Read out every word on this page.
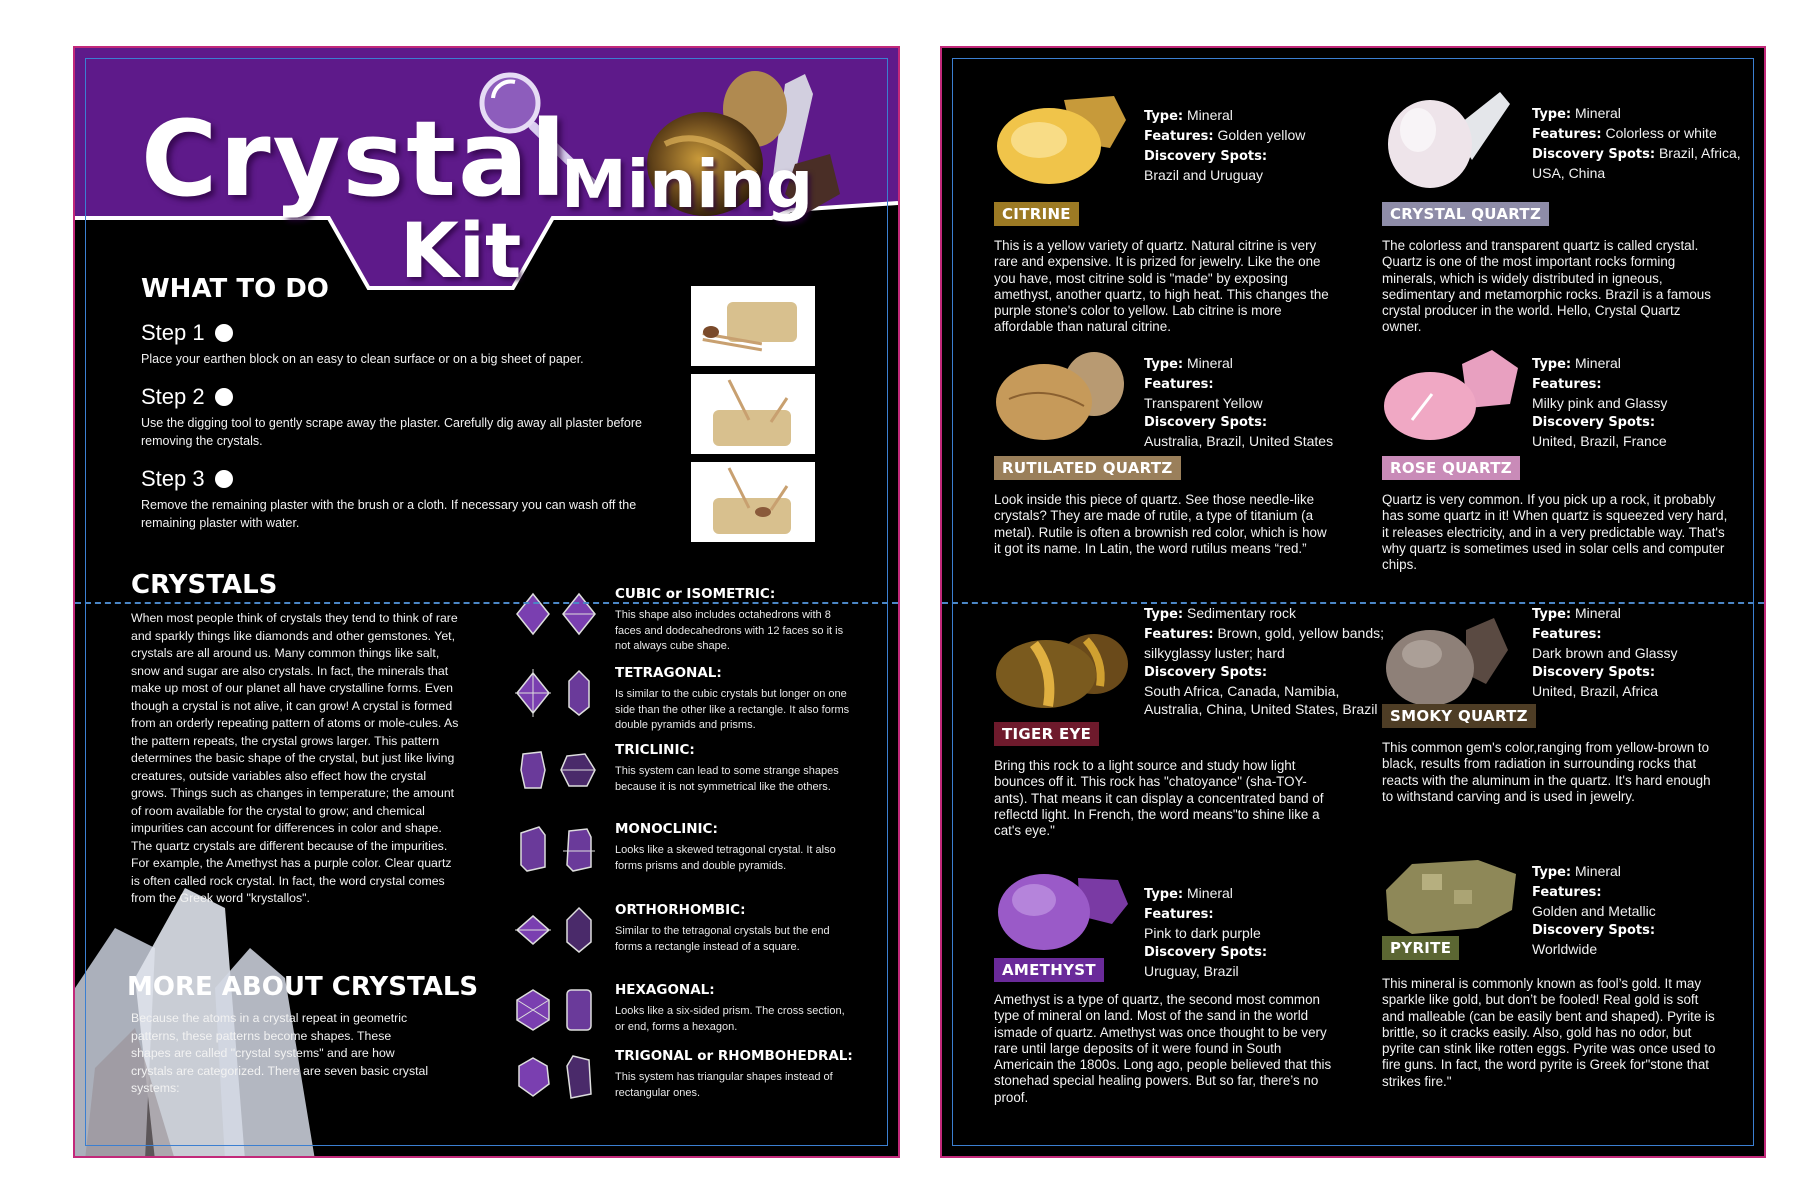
Crystal
Mining
Kit
WHAT TO DO
Step 1
Place your earthen block on an easy to clean surface or on a big sheet of paper.
Step 2
Use the digging tool to gently scrape away the plaster. Carefully dig away all plaster before removing the crystals.
Step 3
Remove the remaining plaster with the brush or a cloth. If necessary you can wash off the remaining plaster with water.
CRYSTALS
When most people think of crystals they tend to think of rare and sparkly things like diamonds and other gemstones. Yet, crystals are all around us. Many common things like salt, snow and sugar are also crystals. In fact, the minerals that make up most of our planet all have crystalline forms. Even though a crystal is not alive, it can grow! A crystal is formed from an orderly repeating pattern of atoms or mole-cules. As the pattern repeats, the crystal grows larger. This pattern determines the basic shape of the crystal, but just like living creatures, outside variables also effect how the crystal grows. Things such as changes in temperature; the amount of room available for the crystal to grow; and chemical impurities can account for differences in color and shape. The quartz crystals are different because of the impurities. For example, the Amethyst has a purple color. Clear quartz is often called rock crystal. In fact, the word crystal comes from the Greek word "krystallos".
MORE ABOUT CRYSTALS
Because the atoms in a crystal repeat in geometric patterns, these patterns become shapes. These shapes are called "crystal systems" and are how crystals are categorized. There are seven basic crystal systems:
CUBIC or ISOMETRIC:
This shape also includes octahedrons with 8 faces and dodecahedrons with 12 faces so it is not always cube shape.
TETRAGONAL:
Is similar to the cubic crystals but longer on one side than the other like a rectangle. It also forms double pyramids and prisms.
TRICLINIC:
This system can lead to some strange shapes because it is not symmetrical like the others.
MONOCLINIC:
Looks like a skewed tetragonal crystal. It also forms prisms and double pyramids.
ORTHORHOMBIC:
Similar to the tetragonal crystals but the end forms a rectangle instead of a square.
HEXAGONAL:
Looks like a six-sided prism. The cross section, or end, forms a hexagon.
TRIGONAL or RHOMBOHEDRAL:
This system has triangular shapes instead of rectangular ones.
Type: Mineral
Features: Golden yellow
Discovery Spots:
Brazil and Uruguay
CITRINE
This is a yellow variety of quartz. Natural citrine is very rare and expensive. It is prized for jewelry. Like the one you have, most citrine sold is "made" by exposing amethyst, another quartz, to high heat. This changes the purple stone's color to yellow. Lab citrine is more affordable than natural citrine.
Type: Mineral
Features: Colorless or white
Discovery Spots: Brazil, Africa, USA, China
CRYSTAL QUARTZ
The colorless and transparent quartz is called crystal. Quartz is one of the most important rocks forming minerals, which is widely distributed in igneous, sedimentary and metamorphic rocks. Brazil is a famous crystal producer in the world. Hello, Crystal Quartz owner.
Type: Mineral
Features:
Transparent Yellow
Discovery Spots:
Australia, Brazil, United States
RUTILATED QUARTZ
Look inside this piece of quartz. See those needle-like crystals? They are made of rutile, a type of titanium (a metal). Rutile is often a brownish red color, which is how it got its name. In Latin, the word rutilus means “red.”
Type: Mineral
Features:
Milky pink and Glassy
Discovery Spots:
United, Brazil, France
ROSE QUARTZ
Quartz is very common. If you pick up a rock, it probably has some quartz in it! When quartz is squeezed very hard, it releases electricity, and in a very predictable way. That's why quartz is sometimes used in solar cells and computer chips.
Type: Sedimentary rock
Features: Brown, gold, yellow bands; silkyglassy luster; hard
Discovery Spots:
South Africa, Canada, Namibia, Australia, China, United States, Brazil
TIGER EYE
Bring this rock to a light source and study how light bounces off it. This rock has "chatoyance" (sha-TOY-ants). That means it can display a concentrated band of reflectd light. In French, the word means"to shine like a cat's eye."
Type: Mineral
Features:
Dark brown and Glassy
Discovery Spots:
United, Brazil, Africa
SMOKY QUARTZ
This common gem's color,ranging from yellow-brown to black, results from radiation in surrounding rocks that reacts with the aluminum in the quartz. It's hard enough to withstand carving and is used in jewelry.
Type: Mineral
Features:
Pink to dark purple
Discovery Spots:
Uruguay, Brazil
AMETHYST
Amethyst is a type of quartz, the second most common type of mineral on land. Most of the sand in the world ismade of quartz. Amethyst was once thought to be very rare until large deposits of it were found in South Americain the 1800s. Long ago, people believed that this stonehad special healing powers. But so far, there’s no proof.
Type: Mineral
Features:
Golden and Metallic
Discovery Spots:
Worldwide
PYRITE
This mineral is commonly known as fool’s gold. It may sparkle like gold, but don’t be fooled! Real gold is soft and malleable (can be easily bent and shaped). Pyrite is brittle, so it cracks easily. Also, gold has no odor, but pyrite can stink like rotten eggs. Pyrite was once used to fire guns. In fact, the word pyrite is Greek for"stone that strikes fire."
